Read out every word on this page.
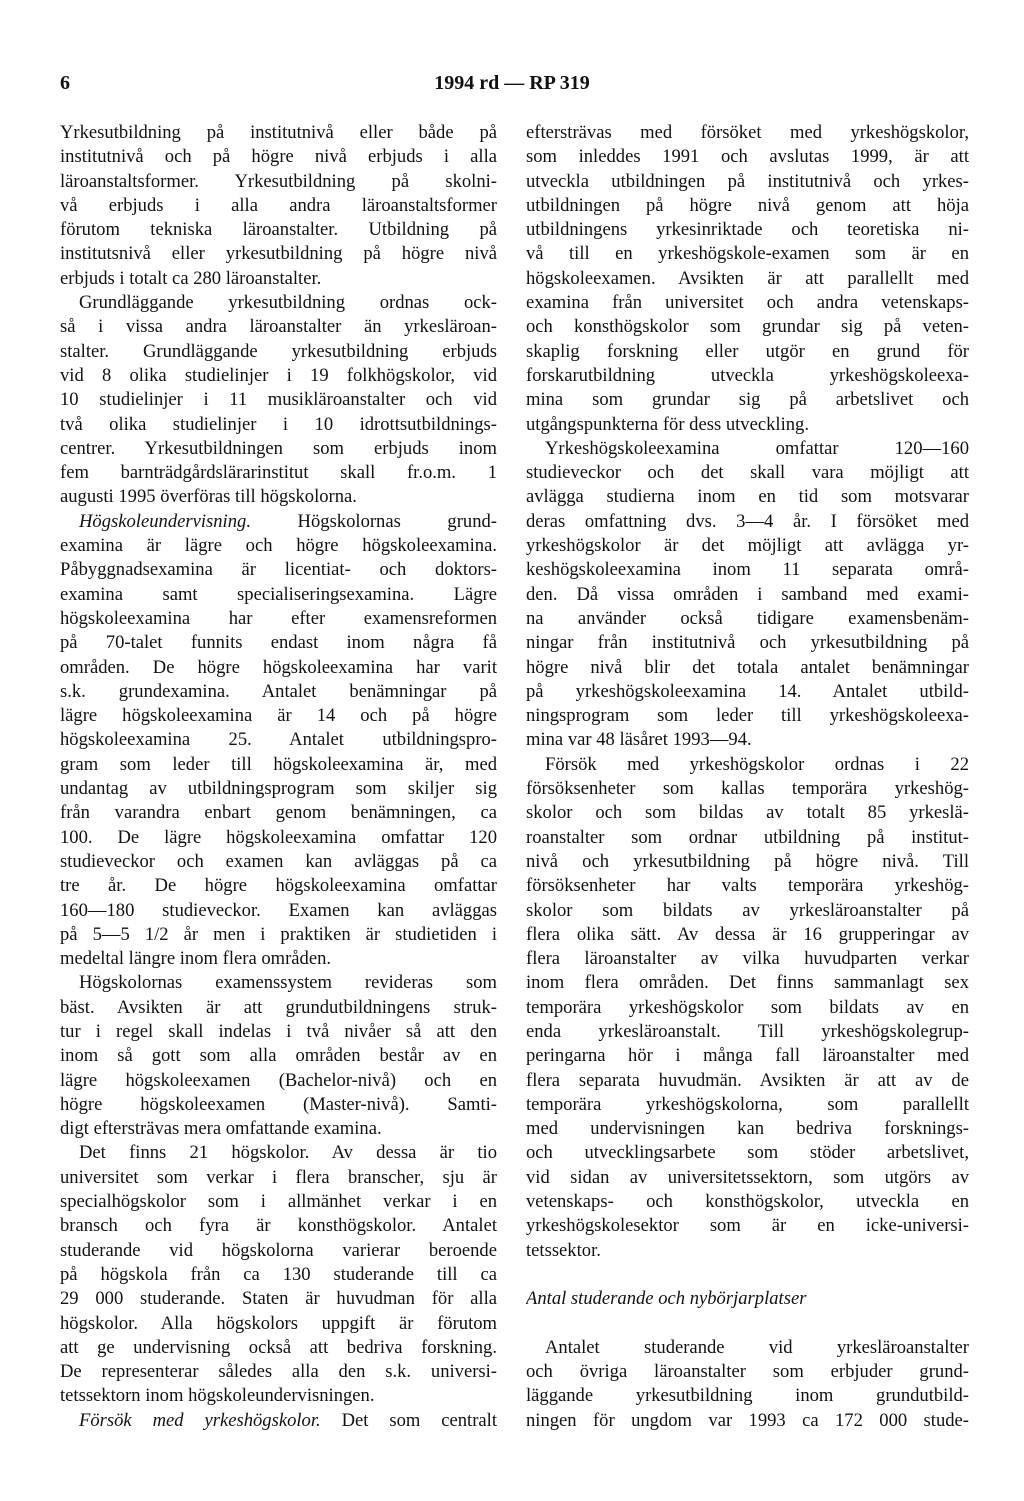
6	1994 rd — RP 319
Yrkesutbildning på institutnivå eller både på
institutnivå och på högre nivå erbjuds i alla
läroanstaltsformer. Yrkesutbildning på skolni-
vå erbjuds i alla andra läroanstaltsformer
förutom tekniska läroanstalter. Utbildning på
institutsnivå eller yrkesutbildning på högre nivå
erbjuds i totalt ca 280 läroanstalter.
Grundläggande yrkesutbildning ordnas ock-
så i vissa andra läroanstalter än yrkesläroan-
stalter. Grundläggande yrkesutbildning erbjuds
vid 8 olika studielinjer i 19 folkhögskolor, vid
10 studielinjer i 11 musikläroanstalter och vid
två olika studielinjer i 10 idrottsutbildnings-
centrer. Yrkesutbildningen som erbjuds inom
fem barnträdgårdslärarinstitut skall fr.o.m. 1
augusti 1995 överföras till högskolorna.
Högskoleundervisning. Högskolornas grund-
examina är lägre och högre högskoleexamina.
Påbyggnadsexamina är licentiat- och doktors-
examina samt specialiseringsexamina. Lägre
högskoleexamina har efter examensreformen
på 70-talet funnits endast inom några få
områden. De högre högskoleexamina har varit
s.k. grundexamina. Antalet benämningar på
lägre högskoleexamina är 14 och på högre
högskoleexamina 25. Antalet utbildningspro-
gram som leder till högskoleexamina är, med
undantag av utbildningsprogram som skiljer sig
från varandra enbart genom benämningen, ca
100. De lägre högskoleexamina omfattar 120
studieveckor och examen kan avläggas på ca
tre år. De högre högskoleexamina omfattar
160—180 studieveckor. Examen kan avläggas
på 5—5 1/2 år men i praktiken är studietiden i
medeltal längre inom flera områden.
Högskolornas examenssystem revideras som
bäst. Avsikten är att grundutbildningens struk-
tur i regel skall indelas i två nivåer så att den
inom så gott som alla områden består av en
lägre högskoleexamen (Bachelor-nivå) och en
högre högskoleexamen (Master-nivå). Samti-
digt eftersträvas mera omfattande examina.
Det finns 21 högskolor. Av dessa är tio
universitet som verkar i flera branscher, sju är
specialhögskolor som i allmänhet verkar i en
bransch och fyra är konsthögskolor. Antalet
studerande vid högskolorna varierar beroende
på högskola från ca 130 studerande till ca
29 000 studerande. Staten är huvudman för alla
högskolor. Alla högskolors uppgift är förutom
att ge undervisning också att bedriva forskning.
De representerar således alla den s.k. universi-
tetssektorn inom högskoleundervisningen.
Försök med yrkeshögskolor. Det som centralt
eftersträvas med försöket med yrkeshögskolor,
som inleddes 1991 och avslutas 1999, är att
utveckla utbildningen på institutnivå och yrkes-
utbildningen på högre nivå genom att höja
utbildningens yrkesinriktade och teoretiska ni-
vå till en yrkeshögskole-examen som är en
högskoleexamen. Avsikten är att parallellt med
examina från universitet och andra vetenskaps-
och konsthögskolor som grundar sig på veten-
skaplig forskning eller utgör en grund för
forskarutbildning utveckla yrkeshögskoleexa-
mina som grundar sig på arbetslivet och
utgångspunkterna för dess utveckling.
Yrkeshögskoleexamina omfattar 120—160
studieveckor och det skall vara möjligt att
avlägga studierna inom en tid som motsvarar
deras omfattning dvs. 3—4 år. I försöket med
yrkeshögskolor är det möjligt att avlägga yr-
keshögskoleexamina inom 11 separata områ-
den. Då vissa områden i samband med exami-
na använder också tidigare examensbenäm-
ningar från institutnivå och yrkesutbildning på
högre nivå blir det totala antalet benämningar
på yrkeshögskoleexamina 14. Antalet utbild-
ningsprogram som leder till yrkeshögskoleexa-
mina var 48 läsåret 1993—94.
Försök med yrkeshögskolor ordnas i 22
försöksenheter som kallas temporära yrkeshög-
skolor och som bildas av totalt 85 yrkeslä-
roanstalter som ordnar utbildning på institut-
nivå och yrkesutbildning på högre nivå. Till
försöksenheter har valts temporära yrkeshög-
skolor som bildats av yrkesläroanstalter på
flera olika sätt. Av dessa är 16 grupperingar av
flera läroanstalter av vilka huvudparten verkar
inom flera områden. Det finns sammanlagt sex
temporära yrkeshögskolor som bildats av en
enda yrkesläroanstalt. Till yrkeshögskolegrup-
peringarna hör i många fall läroanstalter med
flera separata huvudmän. Avsikten är att av de
temporära yrkeshögskolorna, som parallellt
med undervisningen kan bedriva forsknings-
och utvecklingsarbete som stöder arbetslivet,
vid sidan av universitetssektorn, som utgörs av
vetenskaps- och konsthögskolor, utveckla en
yrkeshögskolesektor som är en icke-universi-
tetssektor.
Antal studerande och nybörjarplatser
Antalet studerande vid yrkesläroanstalter
och övriga läroanstalter som erbjuder grund-
läggande yrkesutbildning inom grundutbild-
ningen för ungdom var 1993 ca 172 000 stude-
